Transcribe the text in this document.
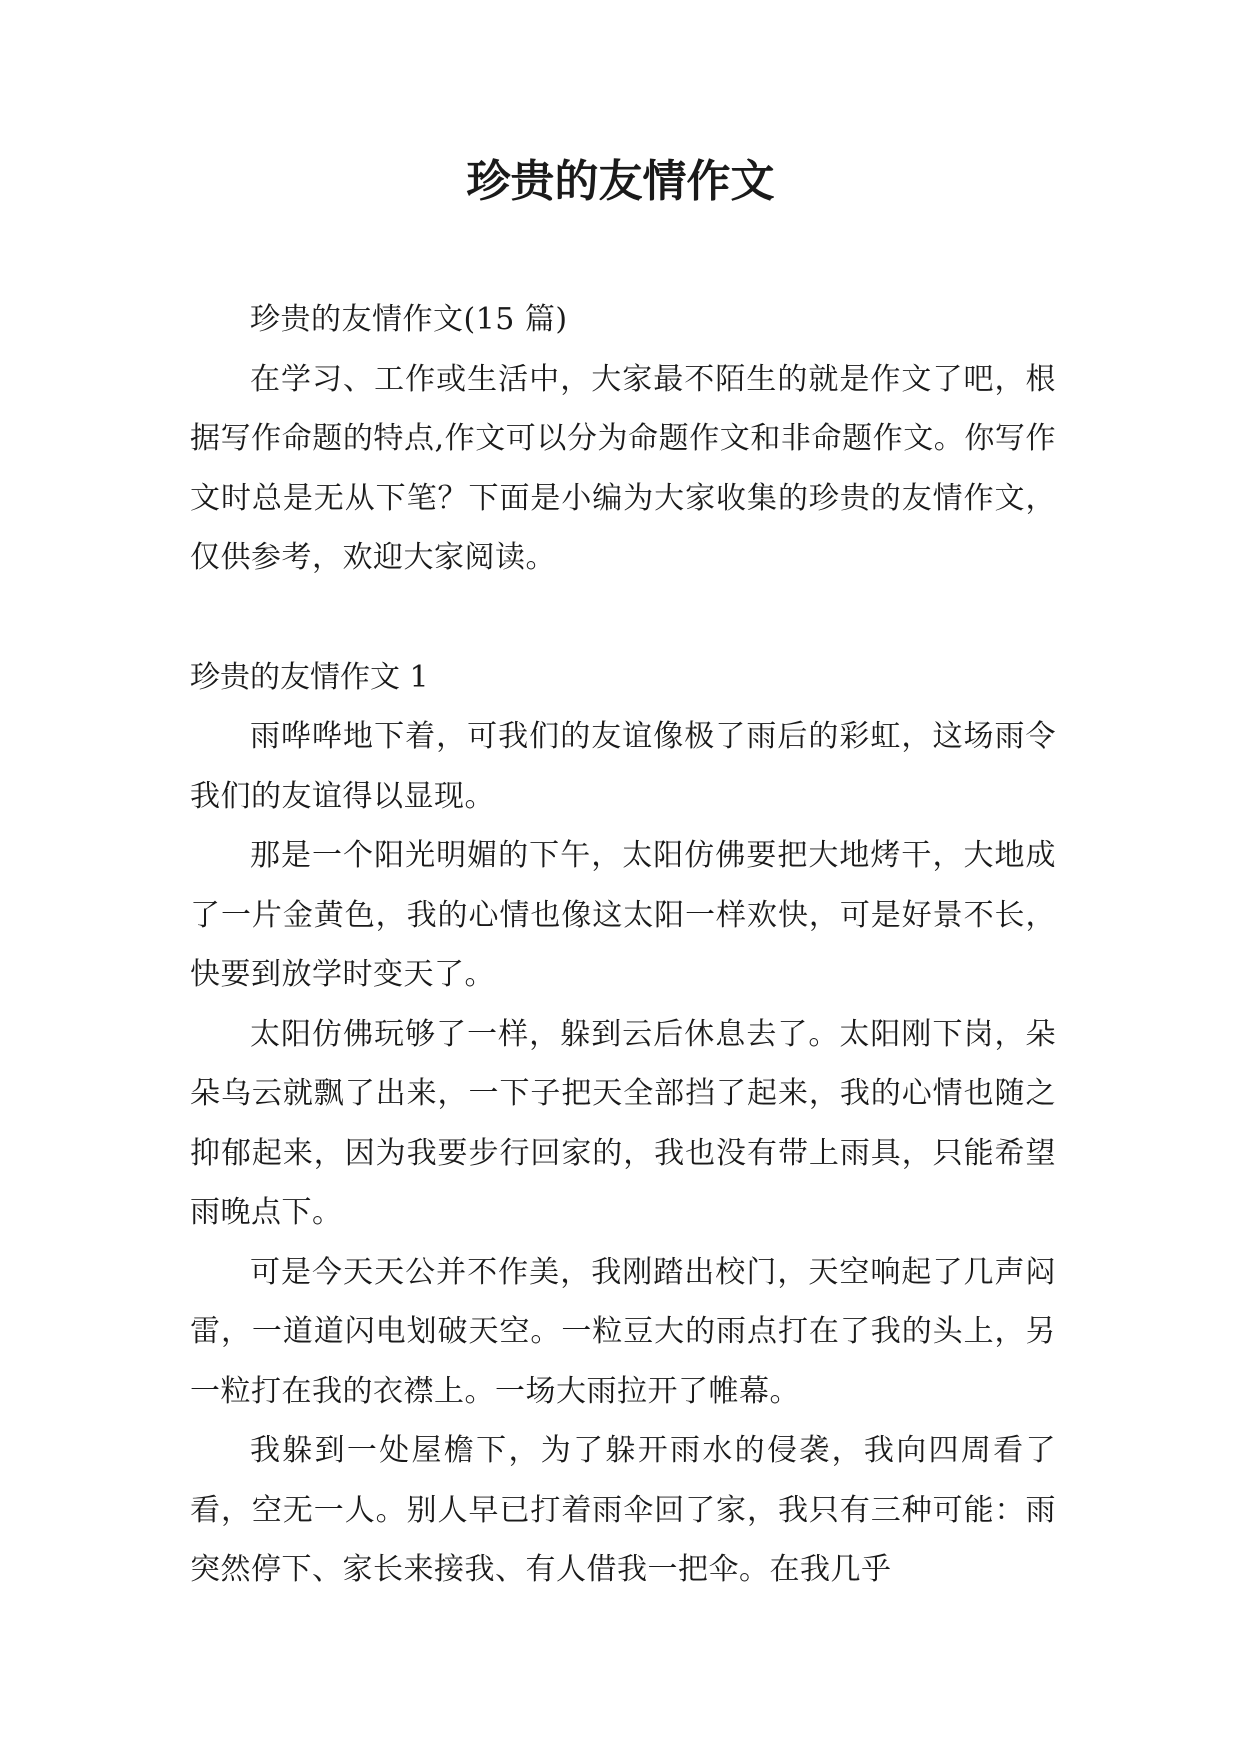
珍贵的友情作文

珍贵的友情作文(15 篇)

在学习、工作或生活中，大家最不陌生的就是作文了吧，根据写作命题的特点,作文可以分为命题作文和非命题作文。你写作文时总是无从下笔？下面是小编为大家收集的珍贵的友情作文，仅供参考，欢迎大家阅读。

珍贵的友情作文 1

雨哗哗地下着，可我们的友谊像极了雨后的彩虹，这场雨令我们的友谊得以显现。

那是一个阳光明媚的下午，太阳仿佛要把大地烤干，大地成了一片金黄色，我的心情也像这太阳一样欢快，可是好景不长，快要到放学时变天了。

太阳仿佛玩够了一样，躲到云后休息去了。太阳刚下岗，朵朵乌云就飘了出来，一下子把天全部挡了起来，我的心情也随之抑郁起来，因为我要步行回家的，我也没有带上雨具，只能希望雨晚点下。

可是今天天公并不作美，我刚踏出校门，天空响起了几声闷雷，一道道闪电划破天空。一粒豆大的雨点打在了我的头上，另一粒打在我的衣襟上。一场大雨拉开了帷幕。

我躲到一处屋檐下，为了躲开雨水的侵袭，我向四周看了看，空无一人。别人早已打着雨伞回了家，我只有三种可能：雨突然停下、家长来接我、有人借我一把伞。在我几乎
